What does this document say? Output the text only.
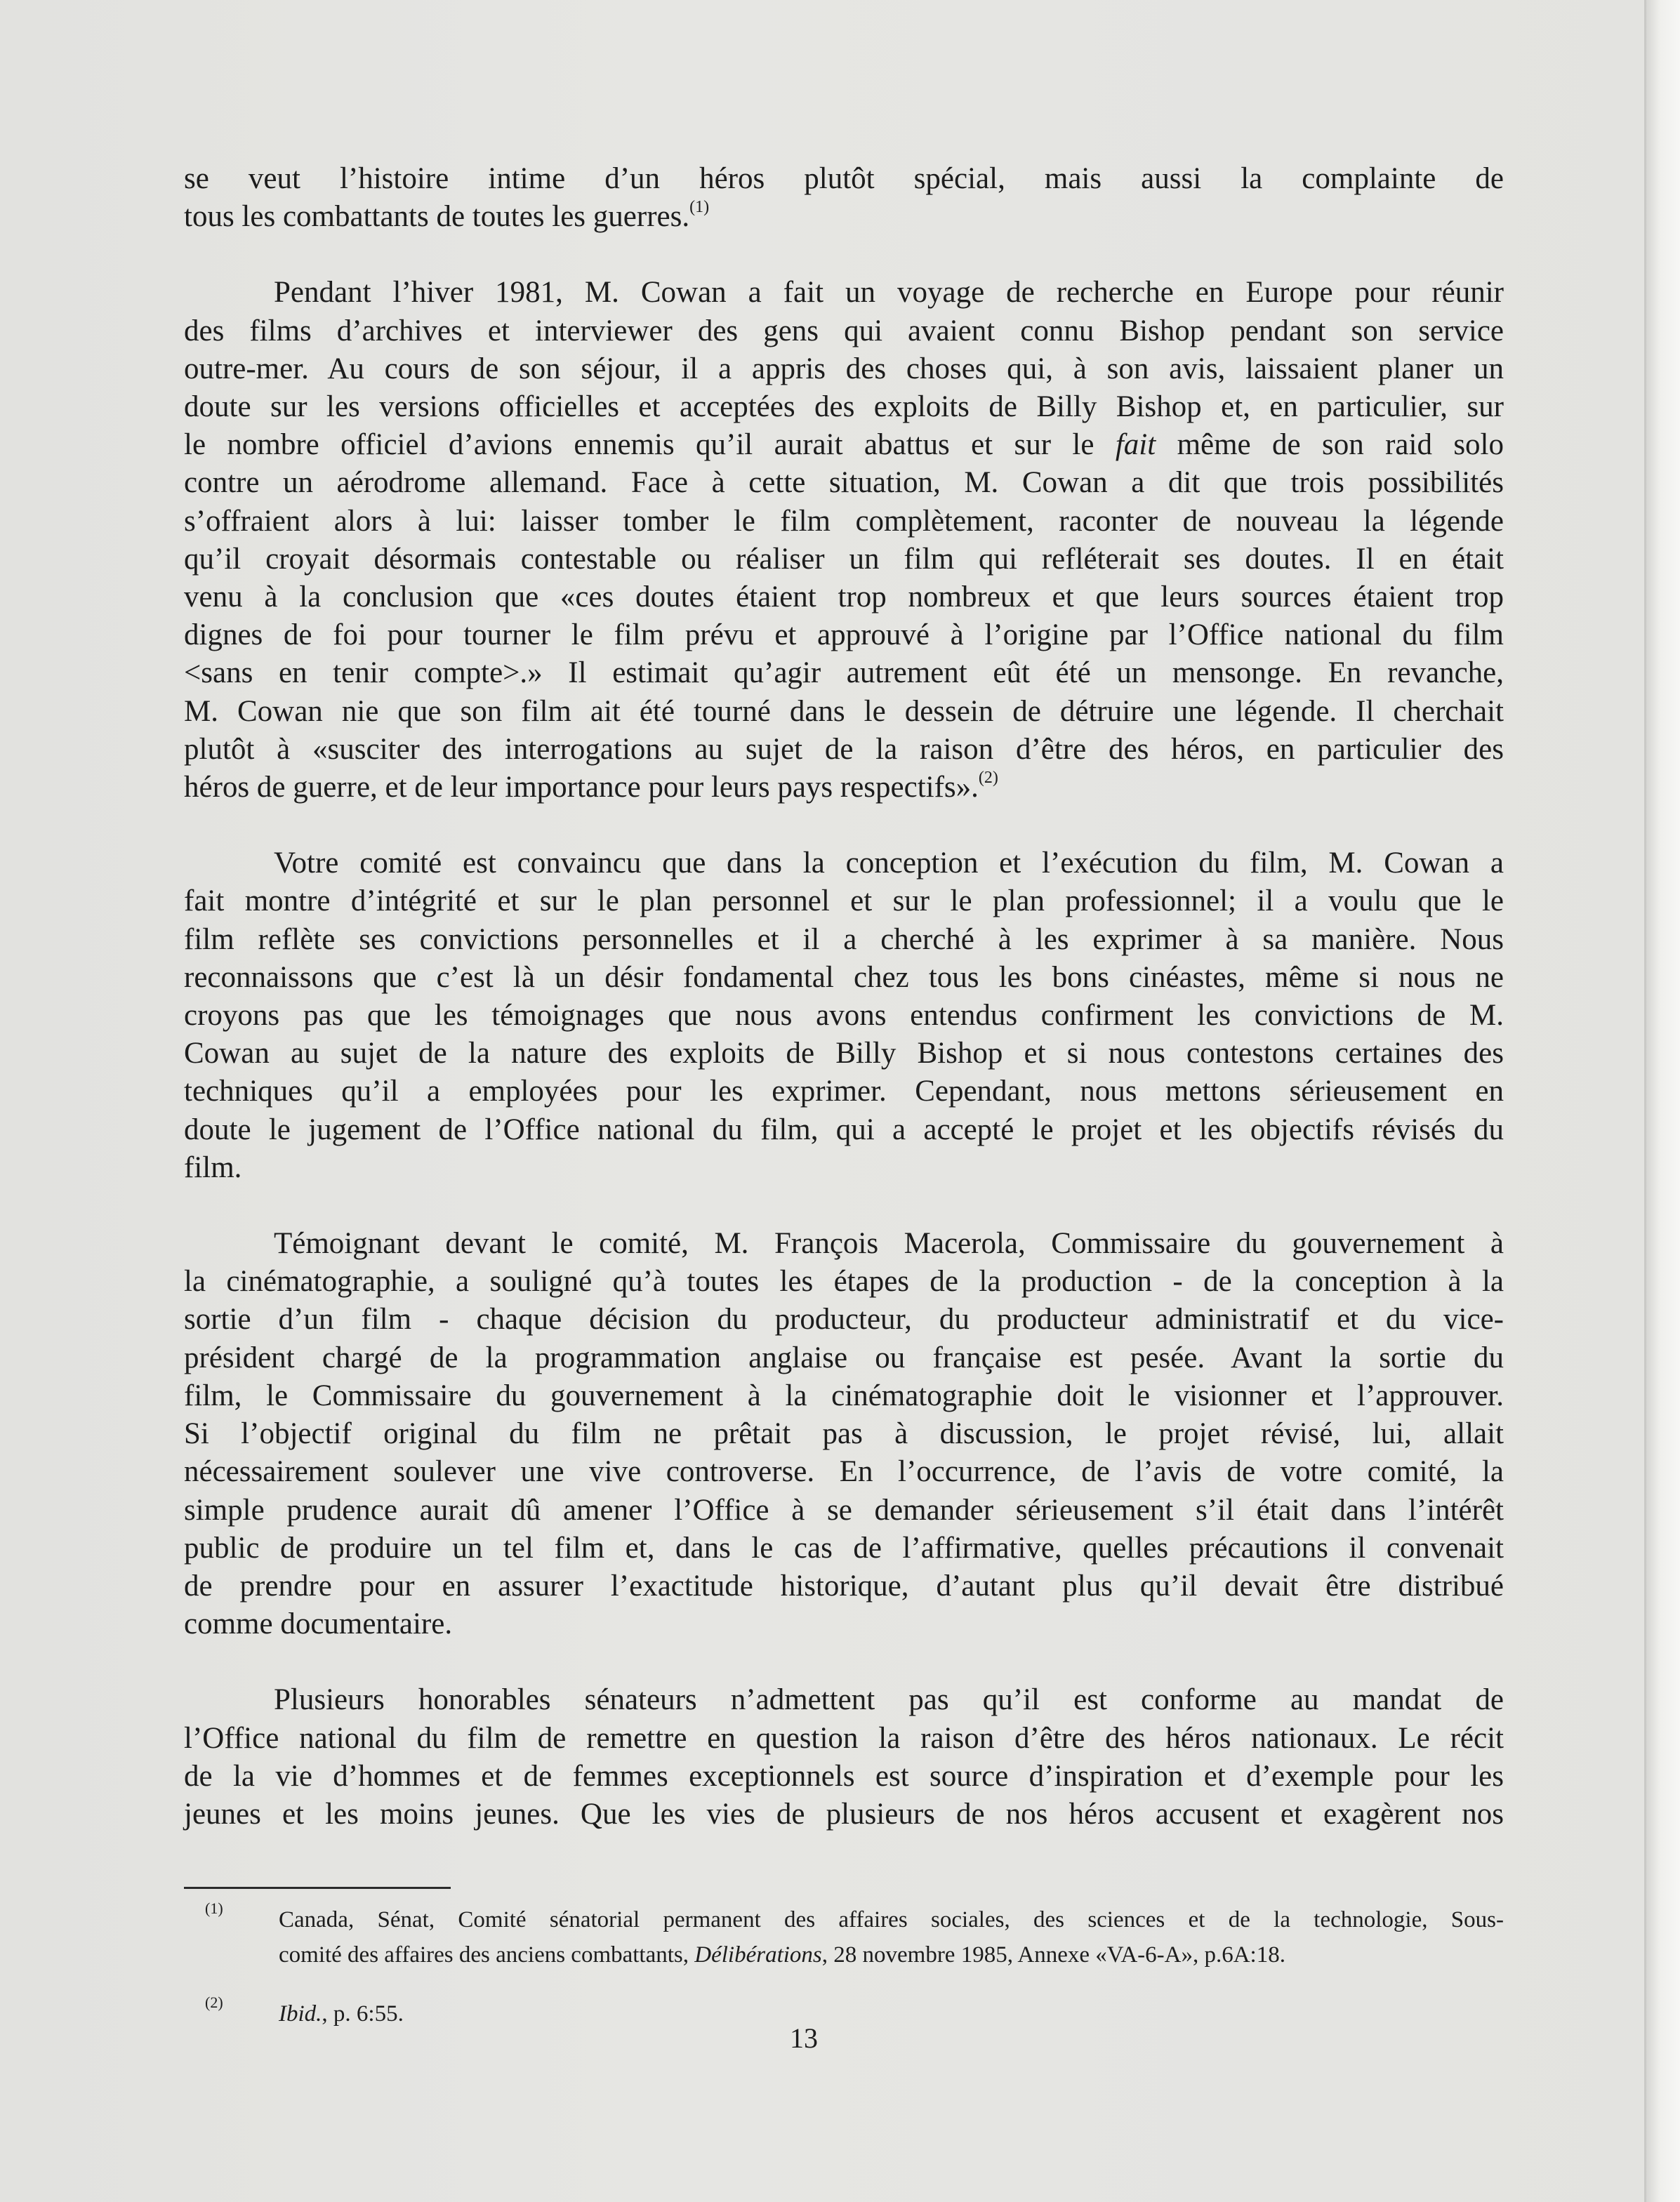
se veut l’histoire intime d’un héros plutôt spécial, mais aussi la complainte de
tous les combattants de toutes les guerres.$^{(1)}$
Pendant l’hiver 1981, M. Cowan a fait un voyage de recherche en Europe pour réunir
des films d’archives et interviewer des gens qui avaient connu Bishop pendant son service
outre-mer. Au cours de son séjour, il a appris des choses qui, à son avis, laissaient planer un
doute sur les versions officielles et acceptées des exploits de Billy Bishop et, en particulier, sur
le nombre officiel d’avions ennemis qu’il aurait abattus et sur le fait même de son raid solo
contre un aérodrome allemand. Face à cette situation, M. Cowan a dit que trois possibilités
s’offraient alors à lui: laisser tomber le film complètement, raconter de nouveau la légende
qu’il croyait désormais contestable ou réaliser un film qui refléterait ses doutes. Il en était
venu à la conclusion que «ces doutes étaient trop nombreux et que leurs sources étaient trop
dignes de foi pour tourner le film prévu et approuvé à l’origine par l’Office national du film
<sans en tenir compte>.» Il estimait qu’agir autrement eût été un mensonge. En revanche,
M. Cowan nie que son film ait été tourné dans le dessein de détruire une légende. Il cherchait
plutôt à «susciter des interrogations au sujet de la raison d’être des héros, en particulier des
héros de guerre, et de leur importance pour leurs pays respectifs».$^{(2)}$
Votre comité est convaincu que dans la conception et l’exécution du film, M. Cowan a
fait montre d’intégrité et sur le plan personnel et sur le plan professionnel; il a voulu que le
film reflète ses convictions personnelles et il a cherché à les exprimer à sa manière. Nous
reconnaissons que c’est là un désir fondamental chez tous les bons cinéastes, même si nous ne
croyons pas que les témoignages que nous avons entendus confirment les convictions de M.
Cowan au sujet de la nature des exploits de Billy Bishop et si nous contestons certaines des
techniques qu’il a employées pour les exprimer. Cependant, nous mettons sérieusement en
doute le jugement de l’Office national du film, qui a accepté le projet et les objectifs révisés du
film.
Témoignant devant le comité, M. François Macerola, Commissaire du gouvernement à
la cinématographie, a souligné qu’à toutes les étapes de la production - de la conception à la
sortie d’un film - chaque décision du producteur, du producteur administratif et du vice-
président chargé de la programmation anglaise ou française est pesée. Avant la sortie du
film, le Commissaire du gouvernement à la cinématographie doit le visionner et l’approuver.
Si l’objectif original du film ne prêtait pas à discussion, le projet révisé, lui, allait
nécessairement soulever une vive controverse. En l’occurrence, de l’avis de votre comité, la
simple prudence aurait dû amener l’Office à se demander sérieusement s’il était dans l’intérêt
public de produire un tel film et, dans le cas de l’affirmative, quelles précautions il convenait
de prendre pour en assurer l’exactitude historique, d’autant plus qu’il devait être distribué
comme documentaire.
Plusieurs honorables sénateurs n’admettent pas qu’il est conforme au mandat de
l’Office national du film de remettre en question la raison d’être des héros nationaux. Le récit
de la vie d’hommes et de femmes exceptionnels est source d’inspiration et d’exemple pour les
jeunes et les moins jeunes. Que les vies de plusieurs de nos héros accusent et exagèrent nos
(1) Canada, Sénat, Comité sénatorial permanent des affaires sociales, des sciences et de la technologie, Sous-
comité des affaires des anciens combattants, Délibérations, 28 novembre 1985, Annexe «VA-6-A», p.6A:18.
(2) Ibid., p. 6:55.
13
